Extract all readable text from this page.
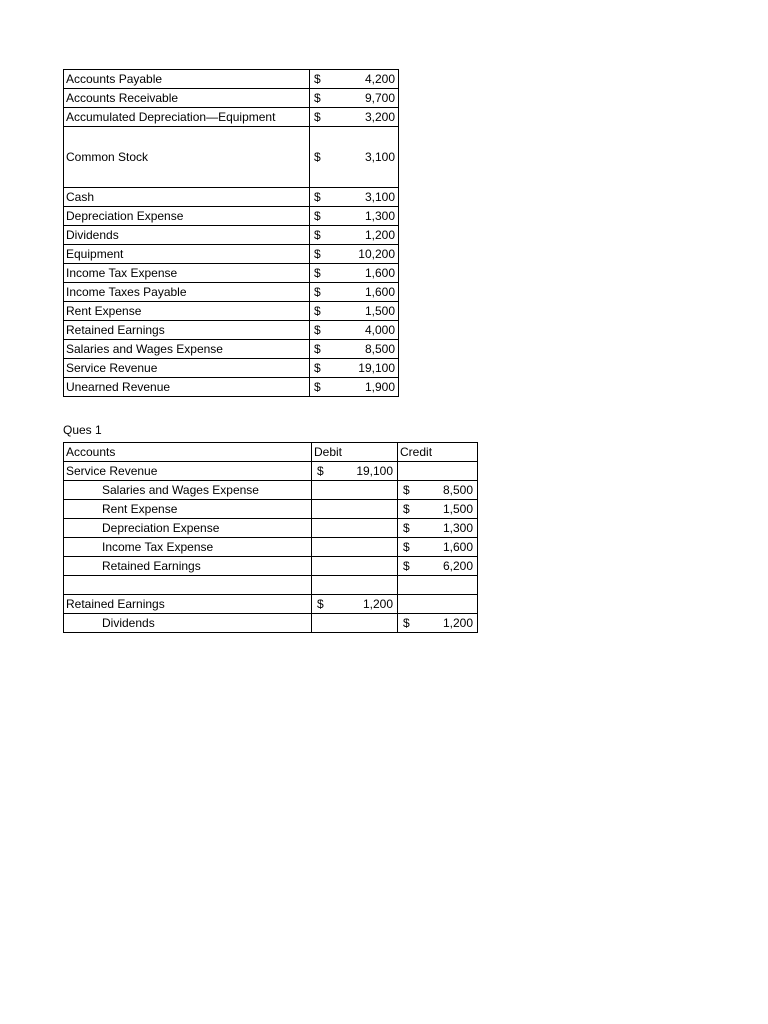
Accounts Payable	$	4,200
Accounts Receivable	$	9,700
Accumulated Depreciation—Equipment	$	3,200
Common Stock	$	3,100
Cash	$	3,100
Depreciation Expense	$	1,300
Dividends	$	1,200
Equipment	$	10,200
Income Tax Expense	$	1,600
Income Taxes Payable	$	1,600
Rent Expense	$	1,500
Retained Earnings	$	4,000
Salaries and Wages Expense	$	8,500
Service Revenue	$	19,100
Unearned Revenue	$	1,900
Ques 1
Accounts	Debit		Credit	
Service Revenue	$	19,100		
Salaries and Wages Expense			$	8,500
Rent Expense			$	1,500
Depreciation Expense			$	1,300
Income Tax Expense			$	1,600
Retained Earnings			$	6,200

Retained Earnings	$	1,200		
Dividends			$	1,200
